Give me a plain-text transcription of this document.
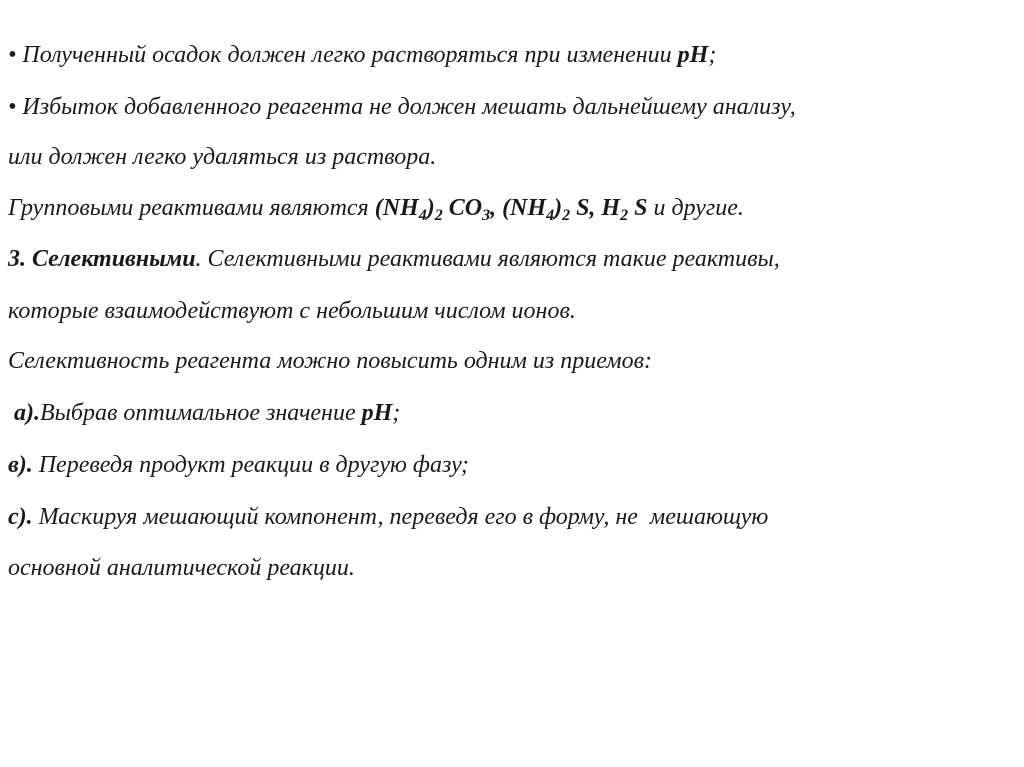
• Полученный осадок должен легко растворяться при изменении pH;
• Избыток добавленного реагента не должен мешать дальнейшему анализу,
или должен легко удаляться из раствора.
Групповыми реактивами являются $(NH_4)_2$ $CO_3$, $(NH_4)_2$ S, $H_2$ S и другие.
3. Селективными. Селективными реактивами являются такие реактивы,
которые взаимодействуют с небольшим числом ионов.
Селективность реагента можно повысить одним из приемов:
а).Выбрав оптимальное значение pH;
в). Переведя продукт реакции в другую фазу;
с). Маскируя мешающий компонент, переведя его в форму, не  мешающую
основной аналитической реакции.
